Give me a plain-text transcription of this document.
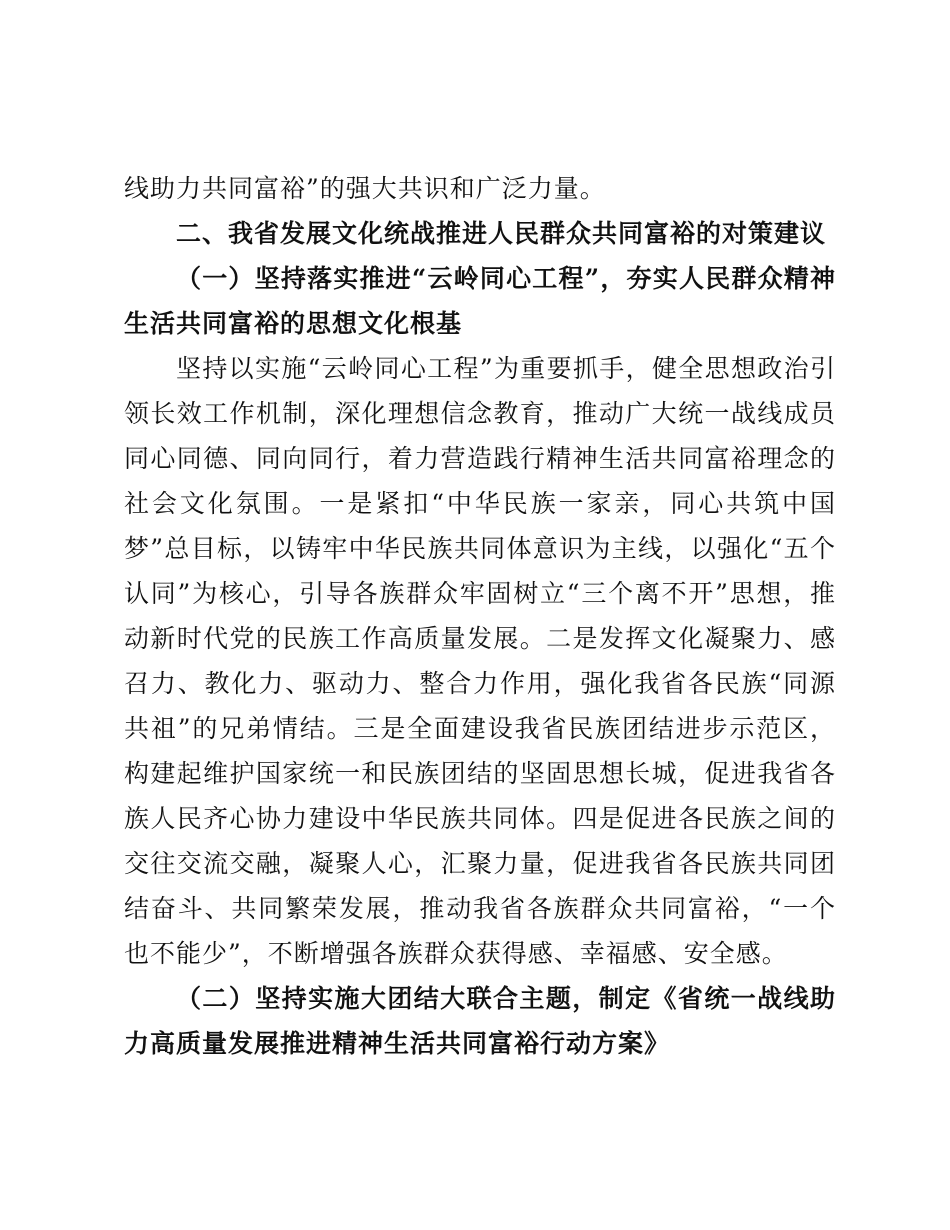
线助力共同富裕”的强大共识和广泛力量。

二、我省发展文化统战推进人民群众共同富裕的对策建议

（一）坚持落实推进“云岭同心工程”，夯实人民群众精神生活共同富裕的思想文化根基

坚持以实施“云岭同心工程”为重要抓手，健全思想政治引领长效工作机制，深化理想信念教育，推动广大统一战线成员同心同德、同向同行，着力营造践行精神生活共同富裕理念的社会文化氛围。一是紧扣“中华民族一家亲，同心共筑中国梦”总目标，以铸牢中华民族共同体意识为主线，以强化“五个认同”为核心，引导各族群众牢固树立“三个离不开”思想，推动新时代党的民族工作高质量发展。二是发挥文化凝聚力、感召力、教化力、驱动力、整合力作用，强化我省各民族“同源共祖”的兄弟情结。三是全面建设我省民族团结进步示范区，构建起维护国家统一和民族团结的坚固思想长城，促进我省各族人民齐心协力建设中华民族共同体。四是促进各民族之间的交往交流交融，凝聚人心，汇聚力量，促进我省各民族共同团结奋斗、共同繁荣发展，推动我省各族群众共同富裕，“一个也不能少”，不断增强各族群众获得感、幸福感、安全感。

（二）坚持实施大团结大联合主题，制定《省统一战线助力高质量发展推进精神生活共同富裕行动方案》
